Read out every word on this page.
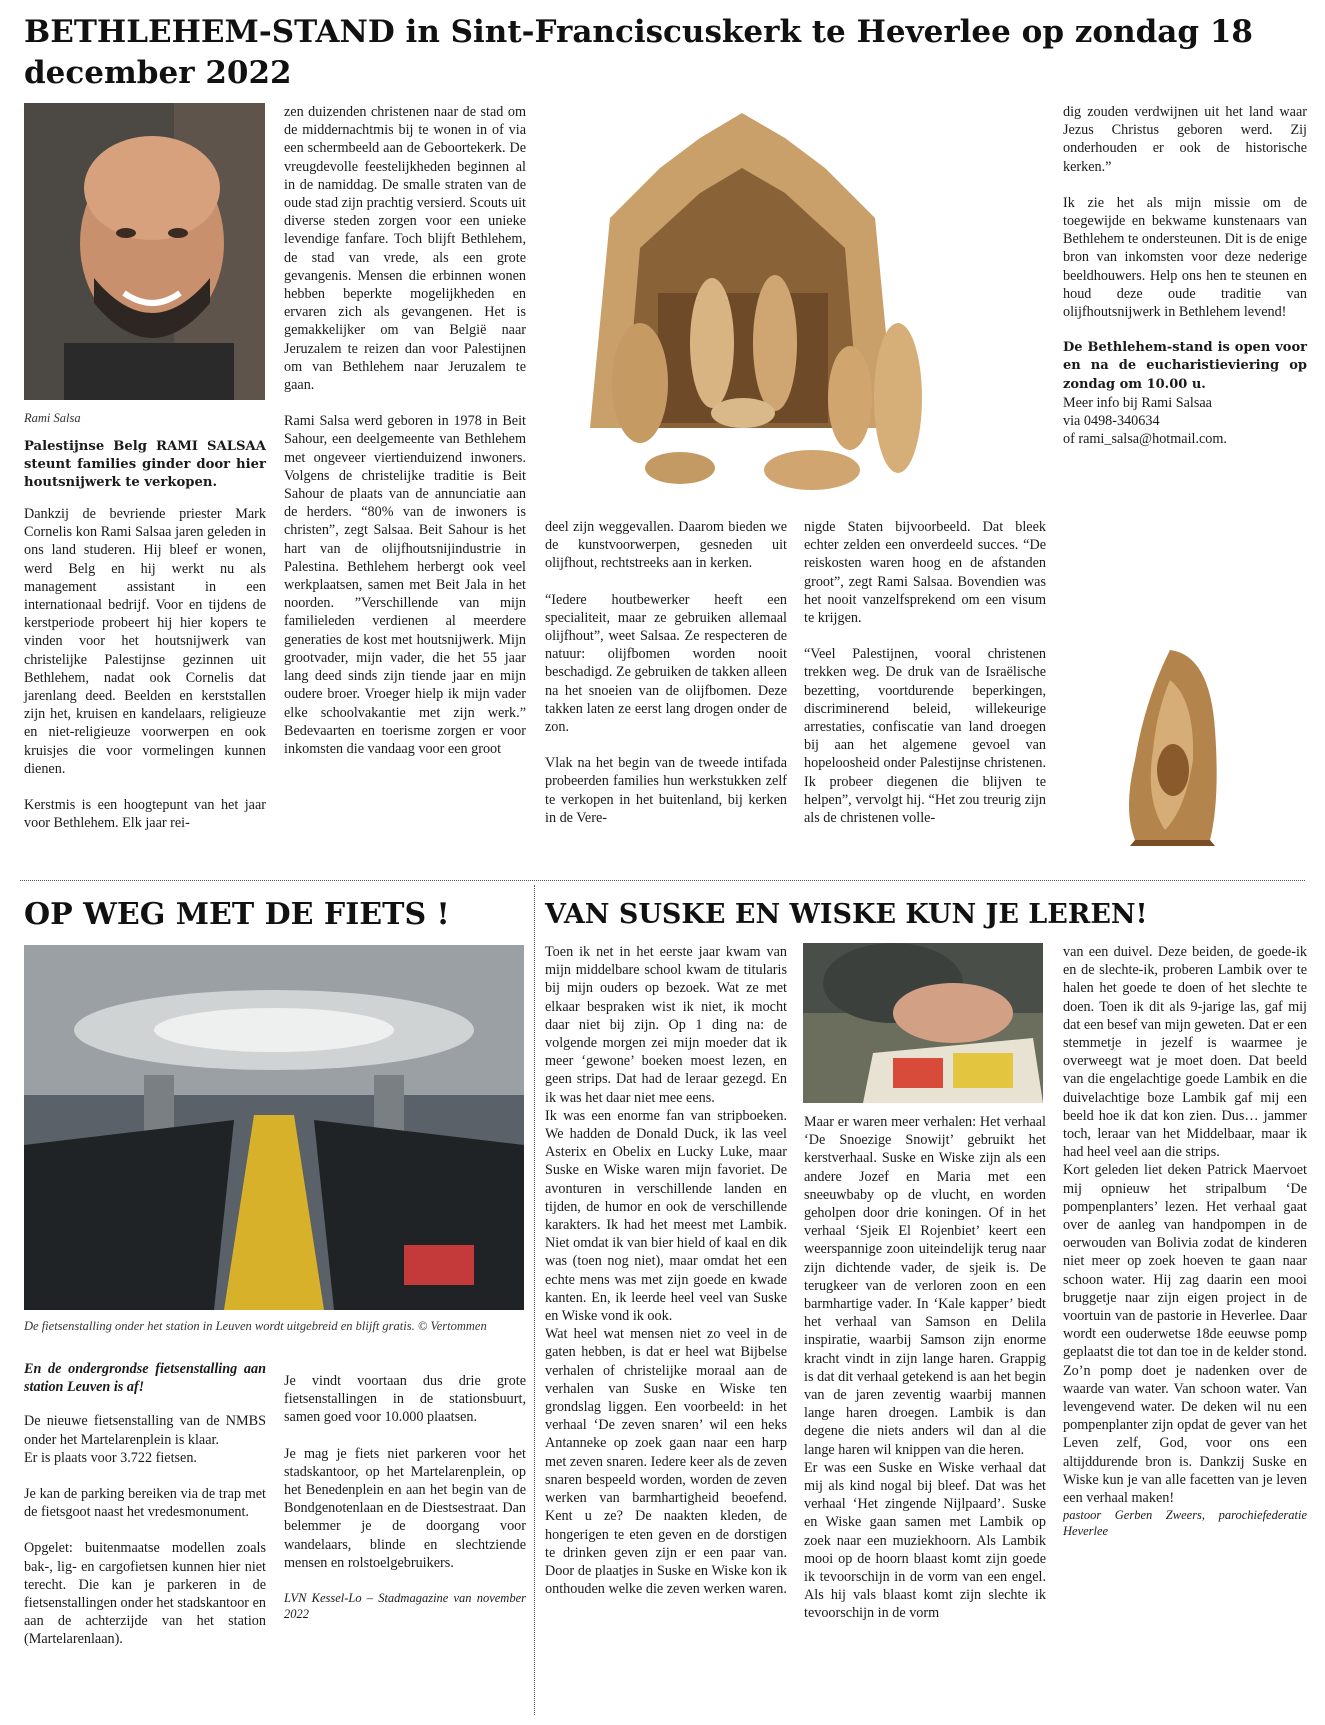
BETHLEHEM-STAND in Sint-Franciscuskerk te Heverlee op zondag 18 december 2022
Rami Salsa
Palestijnse Belg RAMI SALSAA steunt families ginder door hier houtsnijwerk te verkopen.

Dankzij de bevriende priester Mark Cornelis kon Rami Salsaa jaren geleden in ons land studeren. Hij bleef er wonen, werd Belg en hij werkt nu als management assistant in een internationaal bedrijf. Voor en tijdens de kerstperiode probeert hij hier kopers te vinden voor het houtsnijwerk van christelijke Palestijnse gezinnen uit Bethlehem, nadat ook Cornelis dat jarenlang deed. Beelden en kerststallen zijn het, kruisen en kandelaars, religieuze en niet-religieuze voorwerpen en ook kruisjes die voor vormelingen kunnen dienen.

Kerstmis is een hoogtepunt van het jaar voor Bethlehem. Elk jaar rei-

zen duizenden christenen naar de stad om de middernachtmis bij te wonen in of via een schermbeeld aan de Geboortekerk. De vreugdevolle feestelijkheden beginnen al in de namiddag. De smalle straten van de oude stad zijn prachtig versierd. Scouts uit diverse steden zorgen voor een unieke levendige fanfare. Toch blijft Bethlehem, de stad van vrede, als een grote gevangenis. Mensen die erbinnen wonen hebben beperkte mogelijkheden en ervaren zich als gevangenen. Het is gemakkelijker om van België naar Jeruzalem te reizen dan voor Palestijnen om van Bethlehem naar Jeruzalem te gaan.

Rami Salsa werd geboren in 1978 in Beit Sahour, een deelgemeente van Bethlehem met ongeveer viertienduizend inwoners. Volgens de christelijke traditie is Beit Sahour de plaats van de annunciatie aan de herders. “80% van de inwoners is christen”, zegt Salsaa. Beit Sahour is het hart van de olijfhoutsnijindustrie in Palestina. Bethlehem herbergt ook veel werkplaatsen, samen met Beit Jala in het noorden. ”Verschillende van mijn familieleden verdienen al meerdere generaties de kost met houtsnijwerk. Mijn grootvader, mijn vader, die het 55 jaar lang deed sinds zijn tiende jaar en mijn oudere broer. Vroeger hielp ik mijn vader elke schoolvakantie met zijn werk.” Bedevaarten en toerisme zorgen er voor inkomsten die vandaag voor een groot

deel zijn weggevallen. Daarom bieden we de kunstvoorwerpen, gesneden uit olijfhout, rechtstreeks aan in kerken.

“Iedere houtbewerker heeft een specialiteit, maar ze gebruiken allemaal olijfhout”, weet Salsaa. Ze respecteren de natuur: olijfbomen worden nooit beschadigd. Ze gebruiken de takken alleen na het snoeien van de olijfbomen. Deze takken laten ze eerst lang drogen onder de zon.

Vlak na het begin van de tweede intifada probeerden families hun werkstukken zelf te verkopen in het buitenland, bij kerken in de Vere-

nigde Staten bijvoorbeeld. Dat bleek echter zelden een onverdeeld succes. “De reiskosten waren hoog en de afstanden groot”, zegt Rami Salsaa. Bovendien was het nooit vanzelfsprekend om een visum te krijgen.

“Veel Palestijnen, vooral christenen trekken weg. De druk van de Israëlische bezetting, voortdurende beperkingen, discriminerend beleid, willekeurige arrestaties, confiscatie van land droegen bij aan het algemene gevoel van hopeloosheid onder Palestijnse christenen. Ik probeer diegenen die blijven te helpen”, vervolgt hij. “Het zou treurig zijn als de christenen volle-

dig zouden verdwijnen uit het land waar Jezus Christus geboren werd. Zij onderhouden er ook de historische kerken.”

Ik zie het als mijn missie om de toegewijde en bekwame kunstenaars van Bethlehem te ondersteunen. Dit is de enige bron van inkomsten voor deze nederige beeldhouwers. Help ons hen te steunen en houd deze oude traditie van olijfhoutsnijwerk in Bethlehem levend!

De Bethlehem-stand is open voor en na de eucharistieviering op zondag om 10.00 u.

Meer info bij Rami Salsaa

via 0498-340634

of rami_salsa@hotmail.com.

OP WEG MET DE FIETS !
De fietsenstalling onder het station in Leuven wordt uitgebreid en blijft gratis. © Vertommen

En de ondergrondse fietsenstalling aan station Leuven is af!

De nieuwe fietsenstalling van de NMBS onder het Martelarenplein is klaar.

Er is plaats voor 3.722 fietsen.

Je kan de parking bereiken via de trap met de fietsgoot naast het vredesmonument.

Opgelet: buitenmaatse modellen zoals bak-, lig- en cargofietsen kunnen hier niet terecht. Die kan je parkeren in de fietsenstallingen onder het stadskantoor en aan de achterzijde van het station (Martelarenlaan).

Je vindt voortaan dus drie grote fietsenstallingen in de stationsbuurt, samen goed voor 10.000 plaatsen.

Je mag je fiets niet parkeren voor het stadskantoor, op het Martelarenplein, op het Benedenplein en aan het begin van de Bondgenotenlaan en de Diestsestraat. Dan belemmer je de doorgang voor wandelaars, blinde en slechtziende mensen en rolstoelgebruikers.

LVN Kessel-Lo – Stadmagazine van november 2022

VAN SUSKE EN WISKE KUN JE LEREN!

Toen ik net in het eerste jaar kwam van mijn middelbare school kwam de titularis bij mijn ouders op bezoek. Wat ze met elkaar bespraken wist ik niet, ik mocht daar niet bij zijn. Op 1 ding na: de volgende morgen zei mijn moeder dat ik meer ‘gewone’ boeken moest lezen, en geen strips. Dat had de leraar gezegd. En ik was het daar niet mee eens.

Ik was een enorme fan van stripboeken. We hadden de Donald Duck, ik las veel Asterix en Obelix en Lucky Luke, maar Suske en Wiske waren mijn favoriet. De avonturen in verschillende landen en tijden, de humor en ook de verschillende karakters. Ik had het meest met Lambik. Niet omdat ik van bier hield of kaal en dik was (toen nog niet), maar omdat het een echte mens was met zijn goede en kwade kanten. En, ik leerde heel veel van Suske en Wiske vond ik ook.

Wat heel wat mensen niet zo veel in de gaten hebben, is dat er heel wat Bijbelse verhalen of christelijke moraal aan de verhalen van Suske en Wiske ten grondslag liggen. Een voorbeeld: in het verhaal ‘De zeven snaren’ wil een heks Antanneke op zoek gaan naar een harp met zeven snaren. Iedere keer als de zeven snaren bespeeld worden, worden de zeven werken van barmhartigheid beoefend. Kent u ze? De naakten kleden, de hongerigen te eten geven en de dorstigen te drinken geven zijn er een paar van. Door de plaatjes in Suske en Wiske kon ik onthouden welke die zeven werken waren.

Maar er waren meer verhalen: Het verhaal ‘De Snoezige Snowijt’ gebruikt het kerstverhaal. Suske en Wiske zijn als een andere Jozef en Maria met een sneeuwbaby op de vlucht, en worden geholpen door drie koningen. Of in het verhaal ‘Sjeik El Rojenbiet’ keert een weerspannige zoon uiteindelijk terug naar zijn dichtende vader, de sjeik is. De terugkeer van de verloren zoon en een barmhartige vader. In ‘Kale kapper’ biedt het verhaal van Samson en Delila inspiratie, waarbij Samson zijn enorme kracht vindt in zijn lange haren. Grappig is dat dit verhaal getekend is aan het begin van de jaren zeventig waarbij mannen lange haren droegen. Lambik is dan degene die niets anders wil dan al die lange haren wil knippen van die heren.

Er was een Suske en Wiske verhaal dat mij als kind nogal bij bleef. Dat was het verhaal ‘Het zingende Nijlpaard’. Suske en Wiske gaan samen met Lambik op zoek naar een muziekhoorn. Als Lambik mooi op de hoorn blaast komt zijn goede ik tevoorschijn in de vorm van een engel. Als hij vals blaast komt zijn slechte ik tevoorschijn in de vorm

van een duivel. Deze beiden, de goede-ik en de slechte-ik, proberen Lambik over te halen het goede te doen of het slechte te doen. Toen ik dit als 9-jarige las, gaf mij dat een besef van mijn geweten. Dat er een stemmetje in jezelf is waarmee je overweegt wat je moet doen. Dat beeld van die engelachtige goede Lambik en die duivelachtige boze Lambik gaf mij een beeld hoe ik dat kon zien. Dus… jammer toch, leraar van het Middelbaar, maar ik had heel veel aan die strips.

Kort geleden liet deken Patrick Maervoet mij opnieuw het stripalbum ‘De pompenplanters’ lezen. Het verhaal gaat over de aanleg van handpompen in de oerwouden van Bolivia zodat de kinderen niet meer op zoek hoeven te gaan naar schoon water. Hij zag daarin een mooi bruggetje naar zijn eigen project in de voortuin van de pastorie in Heverlee. Daar wordt een ouderwetse 18de eeuwse pomp geplaatst die tot dan toe in de kelder stond. Zo’n pomp doet je nadenken over de waarde van water. Van schoon water. Van levengevend water. De deken wil nu een pompenplanter zijn opdat de gever van het Leven zelf, God, voor ons een altijddurende bron is. Dankzij Suske en Wiske kun je van alle facetten van je leven een verhaal maken!

pastoor Gerben Zweers, parochiefederatie Heverlee
